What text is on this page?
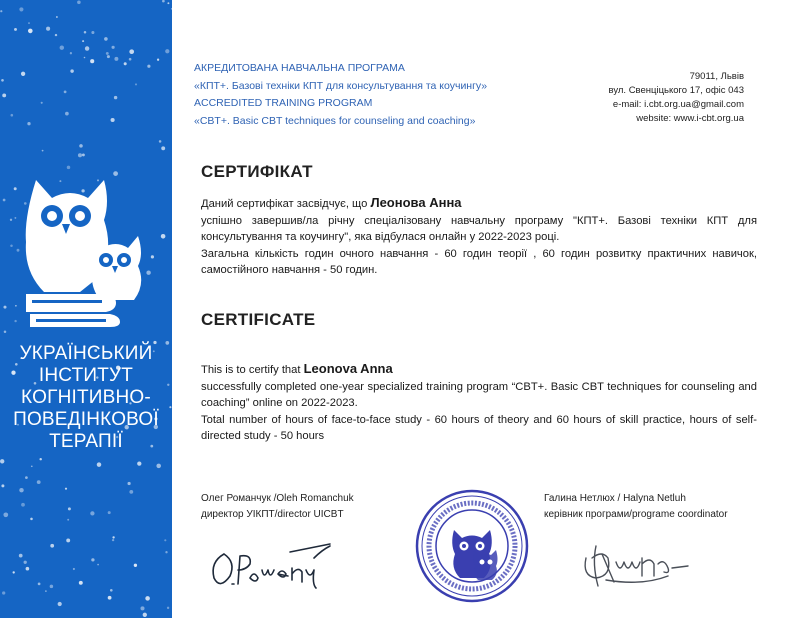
УКРАЇНСЬКИЙ
ІНСТИТУТ
КОГНІТИВНО-
ПОВЕДІНКОВОЇ
ТЕРАПІЇ
АКРЕДИТОВАНА НАВЧАЛЬНА ПРОГРАМА
«КПТ+. Базові техніки КПТ для консультування та коучингу»
ACCREDITED TRAINING PROGRAM
«CBT+. Basic CBT techniques for counseling and coaching»
79011, Львів
вул. Свенціцького 17, офіс 043
e-mail: i.cbt.org.ua@gmail.com
website: www.i-cbt.org.ua
СЕРТИФІКАТ

Даний сертифікат засвідчує, що Леонова Анна

успішно завершив/ла річну спеціалізовану навчальну програму "КПТ+. Базові техніки КПТ для консультування та коучингу", яка відбулася онлайн у 2022-2023 році.

Загальна кількість годин очного навчання - 60 годин теорії , 60 годин розвитку практичних навичок, самостійного навчання - 50 годин.

CERTIFICATE

This is to certify that Leonova Anna

successfully completed one-year specialized training program “CBT+. Basic CBT techniques for counseling and coaching” online on 2022-2023.

Total number of hours of face-to-face study - 60 hours of theory and 60 hours of skill practice, hours of self-directed study - 50 hours

Олег Романчук /Oleh Romanchuk
директор УІКПТ/director UICBT
Галина Нетлюх / Halyna Netluh
керівник програми/programe coordinator
